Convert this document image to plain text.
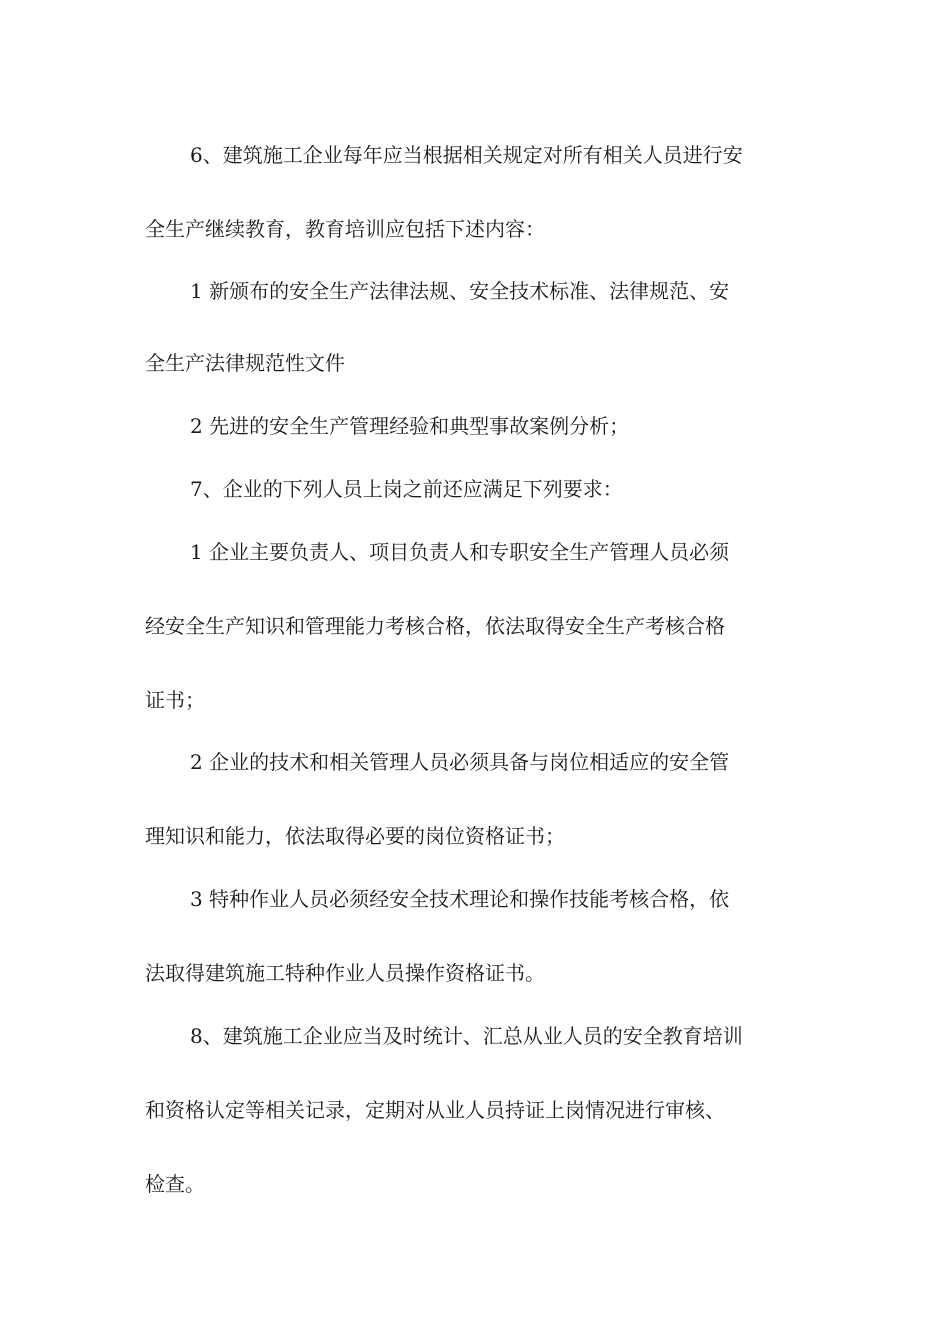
6、建筑施工企业每年应当根据相关规定对所有相关人员进行安
全生产继续教育，教育培训应包括下述内容：
1 新颁布的安全生产法律法规、安全技术标准、法律规范、安
全生产法律规范性文件
2 先进的安全生产管理经验和典型事故案例分析；
7、企业的下列人员上岗之前还应满足下列要求：
1 企业主要负责人、项目负责人和专职安全生产管理人员必须
经安全生产知识和管理能力考核合格，依法取得安全生产考核合格
证书；
2 企业的技术和相关管理人员必须具备与岗位相适应的安全管
理知识和能力，依法取得必要的岗位资格证书；
3 特种作业人员必须经安全技术理论和操作技能考核合格，依
法取得建筑施工特种作业人员操作资格证书。
8、建筑施工企业应当及时统计、汇总从业人员的安全教育培训
和资格认定等相关记录，定期对从业人员持证上岗情况进行审核、
检查。
